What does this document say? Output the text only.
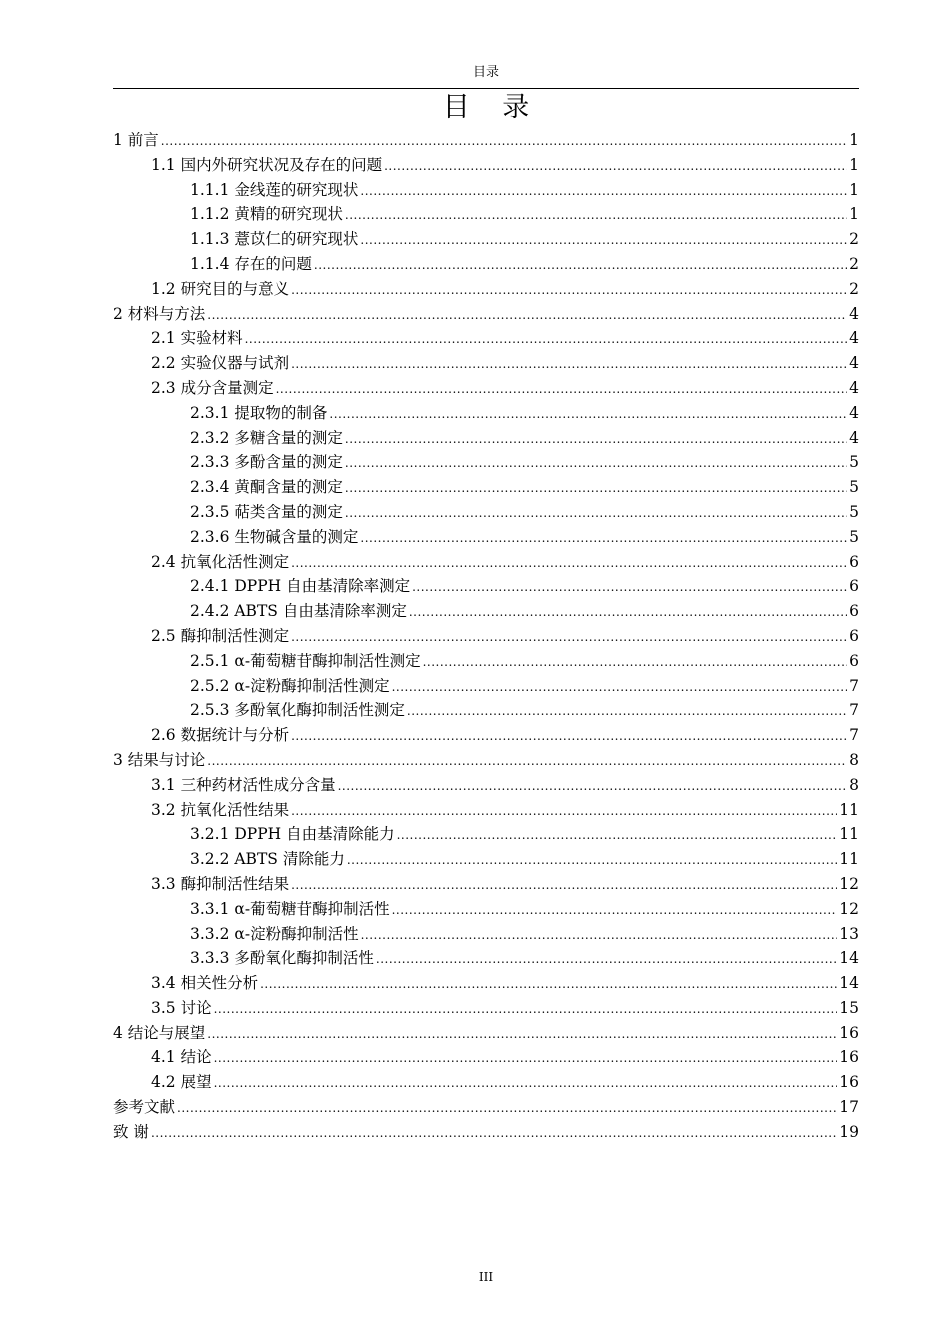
目录
目 录
1 前言 .....	1
1.1 国内外研究状况及存在的问题 .....	1
1.1.1 金线莲的研究现状 .....	1
1.1.2 黄精的研究现状 .....	1
1.1.3 薏苡仁的研究现状 .....	2
1.1.4 存在的问题 .....	2
1.2 研究目的与意义 .....	2
2 材料与方法 .....	4
2.1 实验材料 .....	4
2.2 实验仪器与试剂 .....	4
2.3 成分含量测定 .....	4
2.3.1 提取物的制备 .....	4
2.3.2 多糖含量的测定 .....	4
2.3.3 多酚含量的测定 .....	5
2.3.4 黄酮含量的测定 .....	5
2.3.5 萜类含量的测定 .....	5
2.3.6 生物碱含量的测定 .....	5
2.4 抗氧化活性测定 .....	6
2.4.1 DPPH 自由基清除率测定 .....	6
2.4.2 ABTS 自由基清除率测定 .....	6
2.5 酶抑制活性测定 .....	6
2.5.1 α-葡萄糖苷酶抑制活性测定 .....	6
2.5.2 α-淀粉酶抑制活性测定 .....	7
2.5.3 多酚氧化酶抑制活性测定 .....	7
2.6 数据统计与分析 .....	7
3 结果与讨论 .....	8
3.1 三种药材活性成分含量 .....	8
3.2 抗氧化活性结果 .....	11
3.2.1 DPPH 自由基清除能力 .....	11
3.2.2 ABTS 清除能力 .....	11
3.3 酶抑制活性结果 .....	12
3.3.1 α-葡萄糖苷酶抑制活性 .....	12
3.3.2 α-淀粉酶抑制活性 .....	13
3.3.3 多酚氧化酶抑制活性 .....	14
3.4 相关性分析 .....	14
3.5 讨论 .....	15
4 结论与展望 .....	16
4.1 结论 .....	16
4.2 展望 .....	16
参考文献 .....	17
致 谢 .....	19
III
